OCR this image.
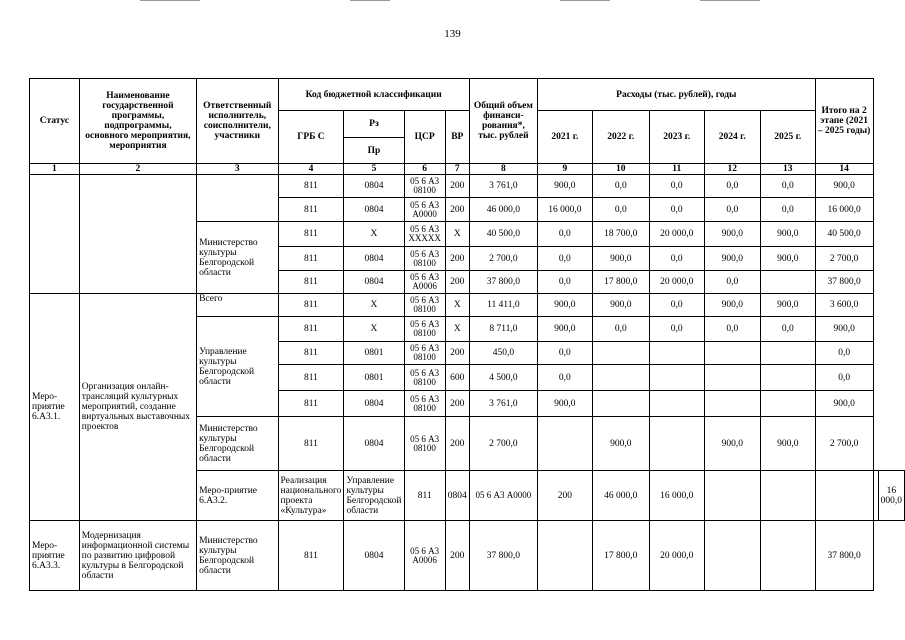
139
Статус	Наименование государственной программы, подпрограммы, основного мероприятия, мероприятия	Ответственный исполнитель, соисполнители, участники	Код бюджетной классификации				Общий объем финанси-рования*, тыс. рублей	Расходы (тыс. рублей), годы					Итого на 2 этапе (2021 – 2025 годы)		
			ГРБ С	Рз	ЦСР	ВР		2021 г.	2022 г.	2023 г.	2024 г.	2025 г.			
				Пр											
1	2	3	4	5	6	7	8	9	10	11	12	13	14		
			811	0804	05 6 А3 08100	200	3 761,0	900,0	0,0	0,0	0,0	0,0	900,0		
			811	0804	05 6 А3 А0000	200	46 000,0	16 000,0	0,0	0,0	0,0	0,0	16 000,0		
		Министерство культуры Белгородской области	811	Х	05 6 А3 ХХХХХ	Х	40 500,0	0,0	18 700,0	20 000,0	900,0	900,0	40 500,0		
			811	0804	05 6 А3 08100	200	2 700,0	0,0	900,0	0,0	900,0	900,0	2 700,0		
			811	0804	05 6 А3 А0006	200	37 800,0	0,0	17 800,0	20 000,0	0,0		37 800,0		
Меро-приятие 6.А3.1.	Организация онлайн-трансляций культурных мероприятий, создание виртуальных выставочных проектов	Всего	811	Х	05 6 А3 08100	Х	11 411,0	900,0	900,0	0,0	900,0	900,0	3 600,0		
		Управление культуры Белгородской области	811	Х	05 6 А3 08100	Х	8 711,0	900,0	0,0	0,0	0,0	0,0	900,0		
			811	0801	05 6 А3 08100	200	450,0	0,0					0,0		
			811	0801	05 6 А3 08100	600	4 500,0	0,0					0,0		
			811	0804	05 6 А3 08100	200	3 761,0	900,0					900,0		
		Министерство культуры Белгородской области	811	0804	05 6 А3 08100	200	2 700,0		900,0		900,0	900,0	2 700,0		
		Меро-приятие 6.А3.2.	Реализация национального проекта «Культура»	Управление культуры Белгородской области	811	0804	05 6 А3 А0000	200	46 000,0	16 000,0					16 000,0
Меро-приятие 6.А3.3.	Модернизация информационной системы по развитию цифровой культуры в Белгородской области	Министерство культуры Белгородской области	811	0804	05 6 А3 А0006	200	37 800,0		17 800,0	20 000,0			37 800,0		
